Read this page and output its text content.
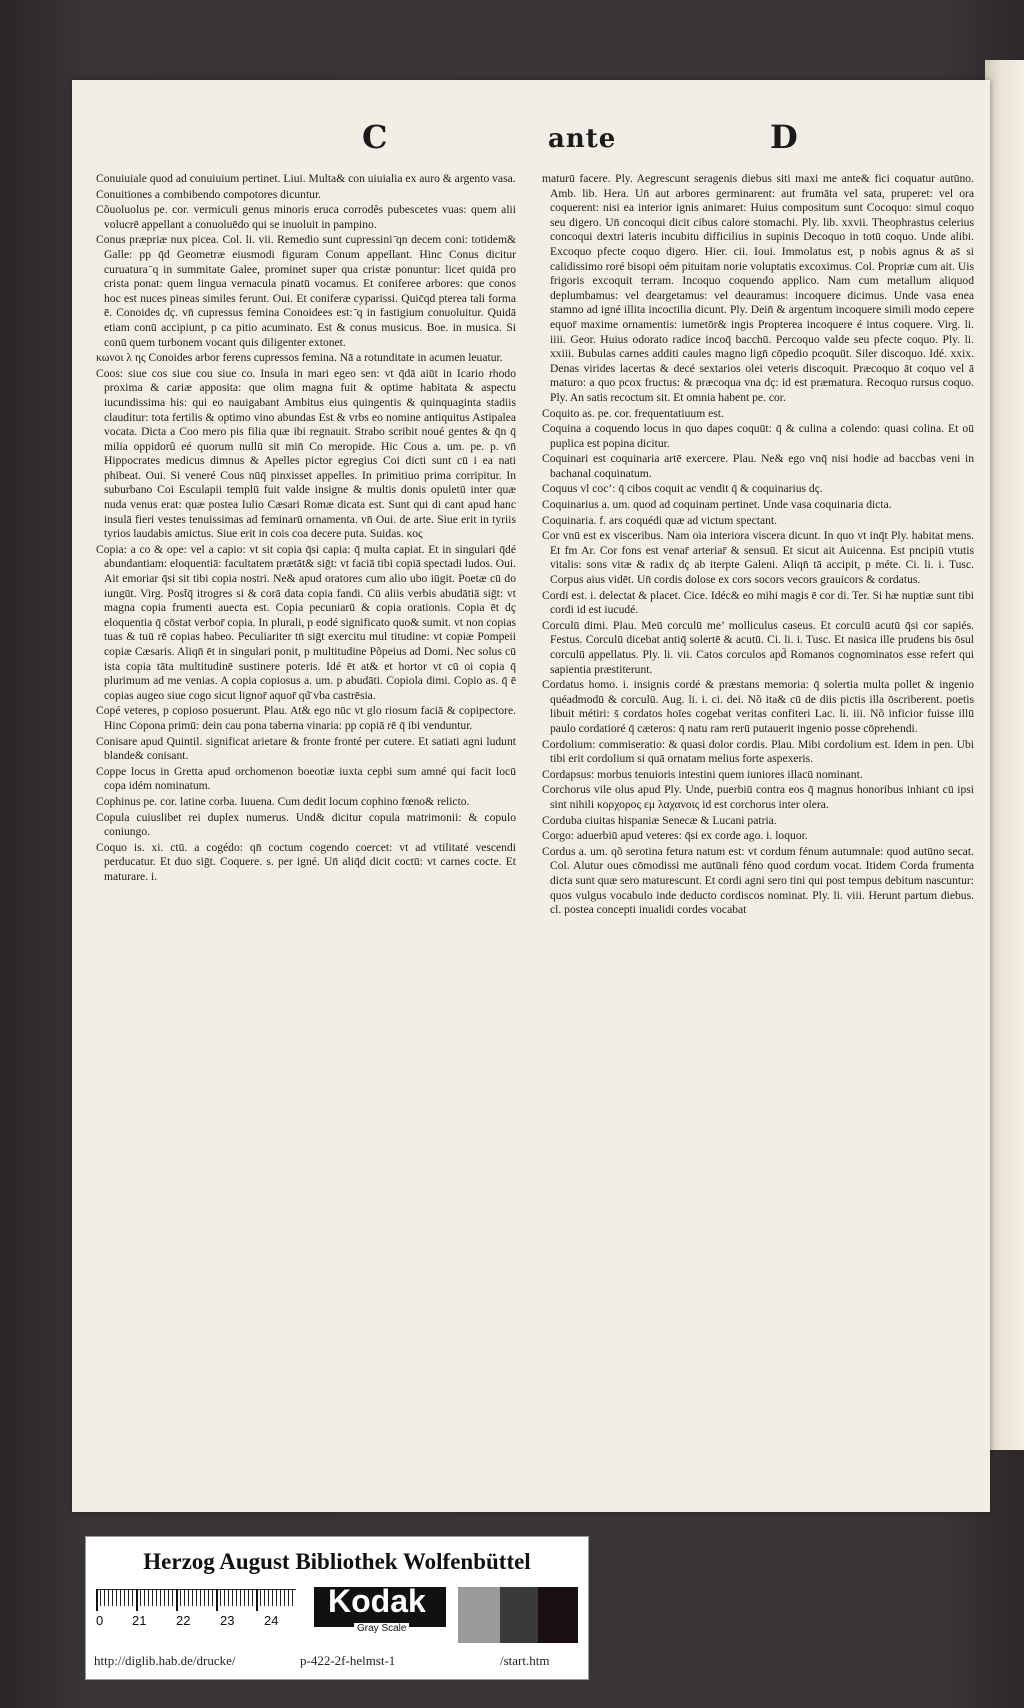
C	ante	D

Conuiuiale quod ad conuiuium pertinet. Liui. Multa& con uiuialia ex auro & argento vasa.

Conuitiones a combibendo compotores dicuntur.

Cõuoluolus pe. cor. vermiculi genus minoris eruca corrodês pubescetes vuas: quem alii volucrē appellant a conuoluēdo qui se inuoluit in pampino.

Conus præpriæ nux picea. Col. li. vii. Remedio sunt cupressini ̄qn decem coni: totidem& Galle: pp q̄d Geometræ eiusmodi figuram Conum appellant. Hinc Conus dicitur curuatura ̄q in summitate Galee, prominet super qua cristæ ponuntur: licet quidā pro crista ponat: quem lingua vernacula pinatū vocamus. Et coniferee arbores: que conos hoc est nuces pineas similes ferunt. Oui. Et coniferæ cyparissi. Quic̄qd pterea tali forma ē. Conoides dç. vn̄ cupressus femina Conoidees est: ̄q in fastigium conuoluitur. Quidā etiam conū accipiunt, p ca pitio acuminato. Est & conus musicus. Boe. in musica. Si conū quem turbonem vocant quis diligenter extonet.

κωνοι λ ης Conoides arbor ferens cupressos femina. Nā a rotunditate in acumen leuatur.

Coos: siue cos siue cou siue co. Insula in mari egeo sen: vt q̄dā aiūt in Icario rhodo proxima & cariæ apposita: que olim magna fuit & optime habitata & aspectu iucundissima his: qui eo nauigabant Ambitus eius quingentis & quinquaginta stadiis clauditur: tota fertilis & optimo vino abundas Est & vrbs eo nomine antiquitus Astipalea vocata. Dicta a Coo mero pis filia quæ ibi regnauit. Strabo scribit noué gentes & q̄n q̄ milia oppidorû eé quorum nullū sit min̄ Co meropide. Hic Cous a. um. pe. p. vn̄ Hippocrates medicus dimnus & Apelles pictor egregius Coi dicti sunt cū i ea nati phibeat. Oui. Si veneré Cous nūq̄ pinxisset appelles. In primitiuo prima corripitur. In suburbano Coi Esculapii templū fuit valde insigne & multis donis opuletū inter quæ nuda venus erat: quæ postea Iulio Cæsari Romæ dicata est. Sunt qui di cant apud hanc insulā fieri vestes tenuissimas ad feminarū ornamenta. vn̄ Oui. de arte. Siue erit in tyriis tyrios laudabis amictus. Siue erit in cois coa decere puta. Suidas. κος

Copia: a co & ope: vel a capio: vt sit copia q̄si capia: q̄ multa capiat. Et in singulari q̄dé abundantiam: eloquentiā: facultatem prætāt& siḡt: vt faciā tibi copiā spectadi ludos. Oui. Ait emoriar q̄si sit tibi copia nostri. Ne& apud oratores cum alio ubo iūgit. Poetæ cū do iungūt. Virg. Post̄q̄ itrogres si & corā data copia fandi. Cū aliis verbis abudātiā siḡt: vt magna copia frumenti auecta est. Copia pecuniarū & copia orationis. Copia ēt dç eloquentia q̄ cōstat verbor̄ copia. In plurali, p eodé significato quo& sumit. vt non copias tuas & tuū rē copias habeo. Peculiariter tn̄ siḡt exercitu mul titudine: vt copiæ Pompeii copiæ Cæsaris. Aliqn̄ ēt in singulari ponit, p multitudine Põpeius ad Domi. Nec solus cū ista copia tāta multitudinē sustinere poteris. Idé ēt at& et hortor vt cū oi copia q̄ plurimum ad me venias. A copia copiosus a. um. p abudāti. Copiola dimi. Copio as. q̄ ē copias augeo siue cogo sicut lignor̄ aquor̄ qú̄ vba castrēsia.

Copé veteres, p copioso posuerunt. Plau. At& ego nūc vt glo riosum faciā & copipectore. Hinc Copona primū: dein cau pona taberna vinaria: pp copiā rē q̄ ibi venduntur.

Conisare apud Quintil. significat arietare & fronte fronté per cutere. Et satiati agni ludunt blande& conisant.

Coppe locus in Gretta apud orchomenon boeotiæ iuxta cepbi sum amné qui facit locū copa idém nominatum.

Cophinus pe. cor. latine corba. Iuuena. Cum dedit locum cophino fœno& relicto.

Copula cuiuslibet rei duplex numerus. Und& dicitur copula matrimonii: & copulo coniungo.

Coquo is. xi. ctū. a cogédo: qn̄ coctum cogendo coercet: vt ad vtilitaté vescendi perducatur. Et duo siḡt. Coquere. s. per igné. Un̄ aliq̄d dicit coctū: vt carnes cocte. Et maturare. i.

maturū facere. Ply. Aegrescunt seragenis diebus siti maxi me ante& fici coquatur autūno. Amb. lib. Hera. Un̄ aut arbores germinarent: aut frumāta vel sata, pruperet: vel ora coquerent: nisi ea interior ignis animaret: Huius compositum sunt Cocoquo: simul coquo seu digero. Un̄ concoqui dicit cibus calore stomachi. Ply. lib. xxvii. Theophrastus celerius concoqui dextri lateris incubitu difficilius in supinis Decoquo in totū coquo. Unde alibi. Excoquo pfecte coquo digero. Hier. cii. Ioui. Immolatus est, p nobis agnus & as̄ si calidissimo roré bisopi oém pituitam norie voluptatis excoximus. Col. Propriæ cum ait. Uis frigoris excoquit terram. Incoquo coquendo applico. Nam cum metallum aliquod deplumbamus: vel deargetamus: vel deauramus: incoquere dicimus. Unde vasa enea stamno ad igné illita incoctilia dicunt. Ply. Dein̄ & argentum incoquere simili modo cepere equor̄ maxime ornamentis: iumetōr& ingis Propterea incoquere é intus coquere. Virg. li. iiii. Geor. Huius odorato radice incoq̄ bacchū. Percoquo valde seu pfecte coquo. Ply. li. xxiii. Bubulas carnes additi caules magno lign̄ cōpedio pcoquūt. Siler discoquo. Idé. xxix. Denas virides lacertas & decé sextarios olei veteris discoquit. Præcoquo āt coquo vel ā maturo: a quo pcox fructus: & præcoqua vna dç: id est præmatura. Recoquo rursus coquo. Ply. An satis recoctum sit. Et omnia habent pe. cor.

Coquito as. pe. cor. frequentatiuum est.

Coquina a coquendo locus in quo dapes coquūt: q̄ & culina a colendo: quasi colina. Et oū puplica est popina dicitur.

Coquinari est coquinaria artē exercere. Plau. Ne& ego vnq̄ nisi hodie ad baccbas veni in bachanal coquinatum.

Coquus vl coc’: q̄ cibos coquit ac vendit q̄ & coquinarius dç.

Coquinarius a. um. quod ad coquinam pertinet. Unde vasa coquinaria dicta.

Coquinaria. f. ars coquédi quæ ad victum spectant.

Cor vnū est ex visceribus. Nam oia interiora viscera dicunt. In quo vt inq̄t Ply. habitat mens. Et fm Ar. Cor fons est venar̄ arteriar̄ & sensuū. Et sicut ait Auicenna. Est pncipiū vtutis vitalis: sons vitæ & radix dç ab iterpte Galeni. Aliqn̄ tā accipit, p méte. Ci. li. i. Tusc. Corpus aius vidēt. Un̄ cordis dolose ex cors socors vecors grauicors & cordatus.

Cordi est. i. delectat & placet. Cice. Idéc& eo mihi magis ē cor di. Ter. Si hæ nuptiæ sunt tibi cordi id est iucudé.

Corculū dimi. Plau. Meū corculū me’ molliculus caseus. Et corculū acutū q̄si cor sapiés. Festus. Corculū dicebat antiq̄ solertē & acutū. Ci. li. i. Tusc. Et nasica ille prudens bis ōsul corculū appellatus. Ply. li. vii. Catos corculos apd̄ Romanos cognominatos esse refert qui sapientia præstiterunt.

Cordatus homo. i. insignis cordé & præstans memoria: q̄ solertia multa pollet & ingenio quéadmodū & corculū. Aug. li. i. ci. dei. Nõ ita& cū de diis pictis illa ōscriberent. poetis libuit métiri: s̄ cordatos hoīes cogebat veritas confiteri Lac. li. iii. Nõ inficior fuisse illū paulo cordatioré q̄ cæteros: q̄ natu ram rerū putauerit ingenio posse cōprehendi.

Cordolium: commiseratio: & quasi dolor cordis. Plau. Mibi cordolium est. Idem in pen. Ubi tibi erit cordolium si quā ornatam melius forte aspexeris.

Cordapsus: morbus tenuioris intestini quem iuniores illacū nominant.

Corchorus vile olus apud Ply. Unde, puerbiū contra eos q̄ magnus honoribus inhiant cū ipsi sint nihili κορχορος εμ λαχανοις id est corchorus inter olera.

Corduba ciuitas hispaniæ Senecæ & Lucani patria.

Corgo: aduerbiū apud veteres: q̄si ex corde ago. i. loquor.

Cordus a. um. qõ serotina fetura natum est: vt cordum fénum autumnale: quod autūno secat. Col. Alutur oues cōmodissi me autūnali féno quod cordum vocat. Itidem Corda frumenta dicta sunt quæ sero maturescunt. Et cordi agni sero tini qui post tempus debitum nascuntur: quos vulgus vocabulo inde deducto cordiscos nominat. Ply. li. viii. Herunt partum diebus. cl. postea concepti inualidi cordes vocabat

Herzog August Bibliothek Wolfenbüttel
0 21 22 23 24
Kodak
Gray Scale
http://diglib.hab.de/drucke/	p-422-2f-helmst-1	/start.htm
